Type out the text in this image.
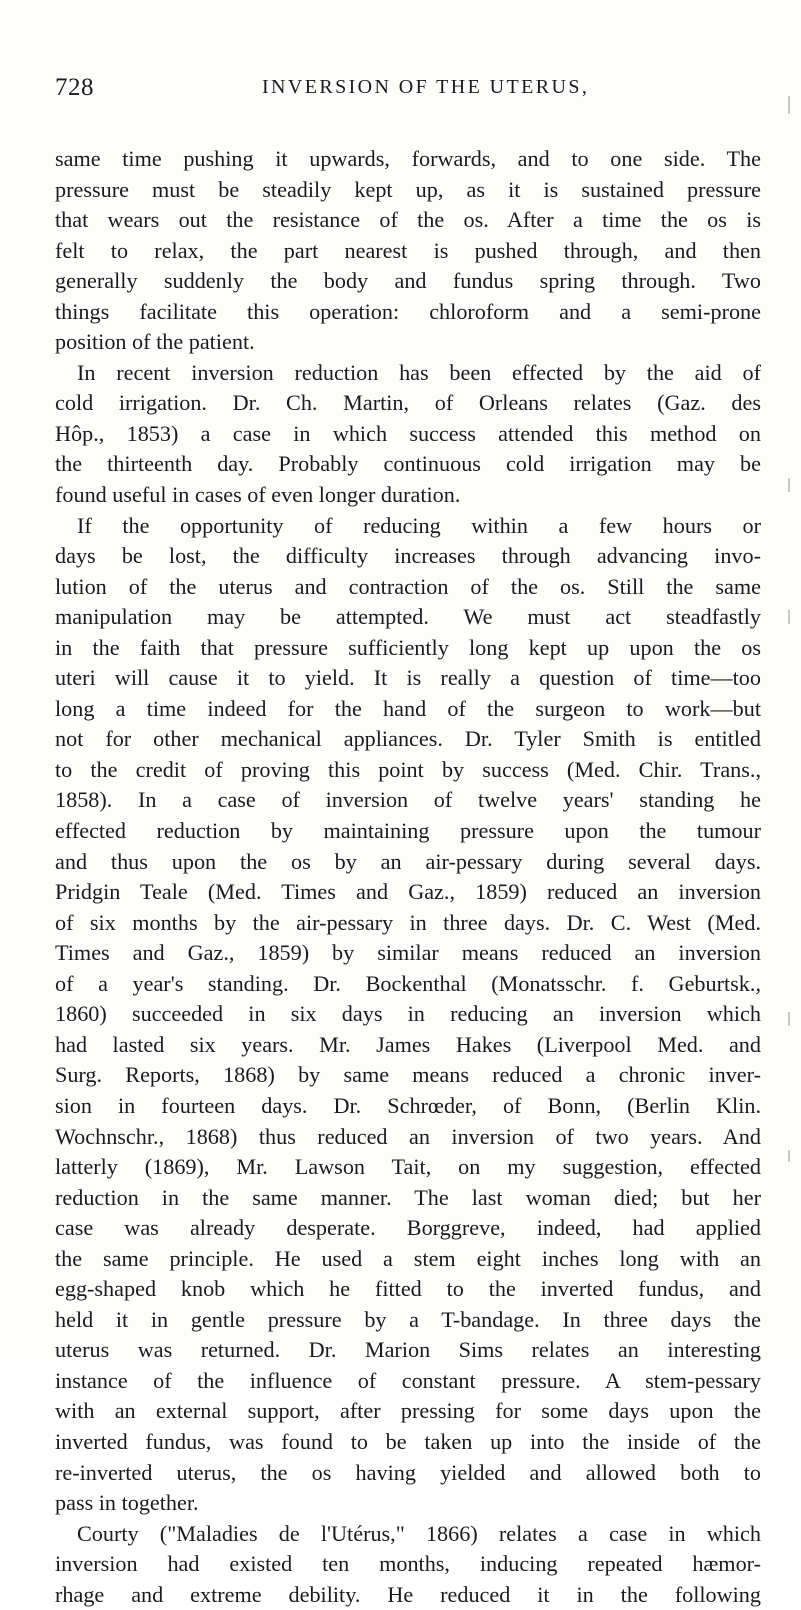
728	INVERSION OF THE UTERUS,
same time pushing it upwards, forwards, and to one side. The
pressure must be steadily kept up, as it is sustained pressure
that wears out the resistance of the os. After a time the os is
felt to relax, the part nearest is pushed through, and then
generally suddenly the body and fundus spring through. Two
things facilitate this operation: chloroform and a semi-prone
position of the patient.
In recent inversion reduction has been effected by the aid of
cold irrigation. Dr. Ch. Martin, of Orleans relates (Gaz. des
Hôp., 1853) a case in which success attended this method on
the thirteenth day. Probably continuous cold irrigation may be
found useful in cases of even longer duration.
If the opportunity of reducing within a few hours or
days be lost, the difficulty increases through advancing invo-
lution of the uterus and contraction of the os. Still the same
manipulation may be attempted. We must act steadfastly
in the faith that pressure sufficiently long kept up upon the os
uteri will cause it to yield. It is really a question of time—too
long a time indeed for the hand of the surgeon to work—but
not for other mechanical appliances. Dr. Tyler Smith is entitled
to the credit of proving this point by success (Med. Chir. Trans.,
1858). In a case of inversion of twelve years' standing he
effected reduction by maintaining pressure upon the tumour
and thus upon the os by an air-pessary during several days.
Pridgin Teale (Med. Times and Gaz., 1859) reduced an inversion
of six months by the air-pessary in three days. Dr. C. West (Med.
Times and Gaz., 1859) by similar means reduced an inversion
of a year's standing. Dr. Bockenthal (Monatsschr. f. Geburtsk.,
1860) succeeded in six days in reducing an inversion which
had lasted six years. Mr. James Hakes (Liverpool Med. and
Surg. Reports, 1868) by same means reduced a chronic inver-
sion in fourteen days. Dr. Schrœder, of Bonn, (Berlin Klin.
Wochnschr., 1868) thus reduced an inversion of two years. And
latterly (1869), Mr. Lawson Tait, on my suggestion, effected
reduction in the same manner. The last woman died; but her
case was already desperate. Borggreve, indeed, had applied
the same principle. He used a stem eight inches long with an
egg-shaped knob which he fitted to the inverted fundus, and
held it in gentle pressure by a T-bandage. In three days the
uterus was returned. Dr. Marion Sims relates an interesting
instance of the influence of constant pressure. A stem-pessary
with an external support, after pressing for some days upon the
inverted fundus, was found to be taken up into the inside of the
re-inverted uterus, the os having yielded and allowed both to
pass in together.
Courty ("Maladies de l'Utérus," 1866) relates a case in which
inversion had existed ten months, inducing repeated hæmor-
rhage and extreme debility. He reduced it in the following
